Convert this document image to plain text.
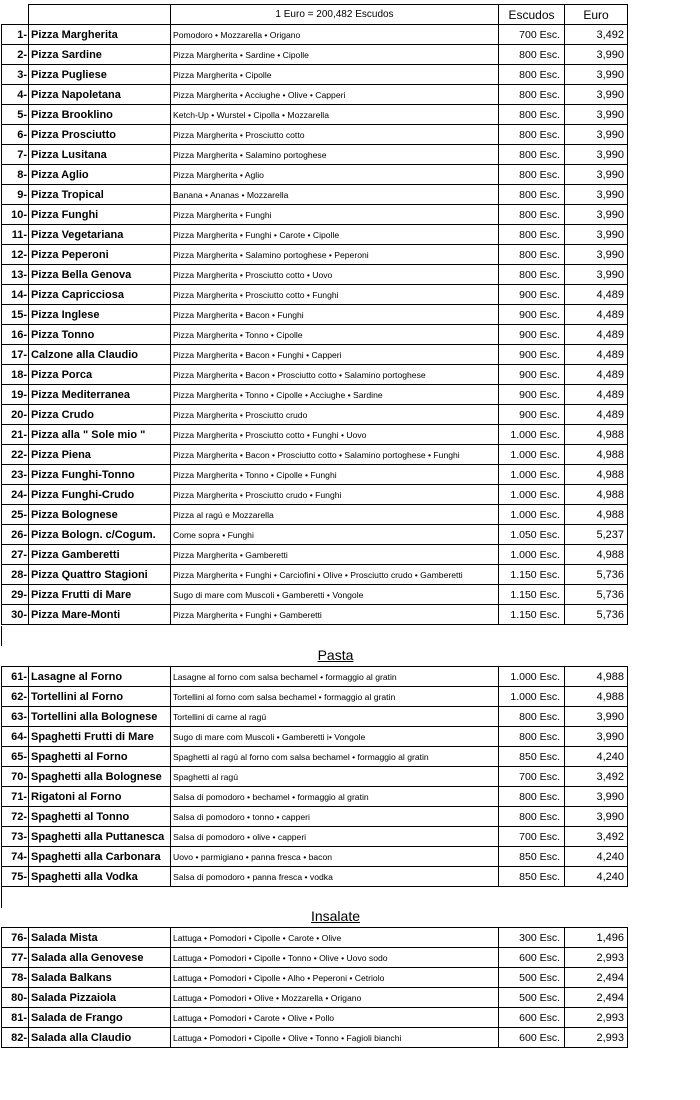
		1 Euro = 200,482 Escudos	Escudos	Euro
1-	Pizza Margherita	Pomodoro • Mozzarella • Origano	700 Esc.	3,492
2-	Pizza Sardine	Pizza Margherita • Sardine • Cipolle	800 Esc.	3,990
3-	Pizza Pugliese	Pizza Margherita • Cipolle	800 Esc.	3,990
4-	Pizza Napoletana	Pizza Margherita • Acciughe • Olive • Capperi	800 Esc.	3,990
5-	Pizza Brooklino	Ketch-Up • Wurstel • Cipolla • Mozzarella	800 Esc.	3,990
6-	Pizza Prosciutto	Pizza Margherita • Prosciutto cotto	800 Esc.	3,990
7-	Pizza Lusitana	Pizza Margherita • Salamino portoghese	800 Esc.	3,990
8-	Pizza Aglio	Pizza Margherita • Aglio	800 Esc.	3,990
9-	Pizza Tropical	Banana • Ananas • Mozzarella	800 Esc.	3,990
10-	Pizza Funghi	Pizza Margherita • Funghi	800 Esc.	3,990
11-	Pizza Vegetariana	Pizza Margherita • Funghi • Carote • Cipolle	800 Esc.	3,990
12-	Pizza Peperoni	Pizza Margherita • Salamino portoghese • Peperoni	800 Esc.	3,990
13-	Pizza Bella Genova	Pizza Margherita • Prosciutto cotto • Uovo	800 Esc.	3,990
14-	Pizza Capricciosa	Pizza Margherita • Prosciutto cotto • Funghi	900 Esc.	4,489
15-	Pizza Inglese	Pizza Margherita • Bacon • Funghi	900 Esc.	4,489
16-	Pizza Tonno	Pizza Margherita • Tonno • Cipolle	900 Esc.	4,489
17-	Calzone alla Claudio	Pizza Margherita • Bacon • Funghi • Capperi	900 Esc.	4,489
18-	Pizza Porca	Pizza Margherita • Bacon • Prosciutto cotto • Salamino portoghese	900 Esc.	4,489
19-	Pizza Mediterranea	Pizza Margherita • Tonno • Cipolle • Acciughe • Sardine	900 Esc.	4,489
20-	Pizza Crudo	Pizza Margherita • Prosciutto crudo	900 Esc.	4,489
21-	Pizza alla " Sole mio "	Pizza Margherita • Prosciutto cotto • Funghi • Uovo	1.000 Esc.	4,988
22-	Pizza Piena	Pizza Margherita • Bacon • Prosciutto cotto • Salamino portoghese • Funghi	1.000 Esc.	4,988
23-	Pizza Funghi-Tonno	Pizza Margherita • Tonno • Cipolle • Funghi	1.000 Esc.	4,988
24-	Pizza Funghi-Crudo	Pizza Margherita • Prosciutto crudo • Funghi	1.000 Esc.	4,988
25-	Pizza Bolognese	Pizza al ragú e Mozzarella	1.000 Esc.	4,988
26-	Pizza Bologn. c/Cogum.	Come sopra • Funghi	1.050 Esc.	5,237
27-	Pizza Gamberetti	Pizza Margherita • Gamberetti	1.000 Esc.	4,988
28-	Pizza Quattro Stagioni	Pizza Margherita • Funghi • Carciofini • Olive • Prosciutto crudo • Gamberetti	1.150 Esc.	5,736
29-	Pizza Frutti di Mare	Sugo di mare com Muscoli • Gamberetti • Vongole	1.150 Esc.	5,736
30-	Pizza Mare-Monti	Pizza Margherita • Funghi • Gamberetti	1.150 Esc.	5,736
Pasta
61-	Lasagne al Forno	Lasagne al forno com salsa bechamel • formaggio al gratin	1.000 Esc.	4,988
62-	Tortellini al Forno	Tortellini al forno com salsa bechamel • formaggio al gratin	1.000 Esc.	4,988
63-	Tortellini alla Bolognese	Tortellini di carne al ragú	800 Esc.	3,990
64-	Spaghetti Frutti di Mare	Sugo di mare com Muscoli • Gamberetti i• Vongole	800 Esc.	3,990
65-	Spaghetti al Forno	Spaghetti al ragú al forno com salsa bechamel • formaggio al gratin	850 Esc.	4,240
70-	Spaghetti alla Bolognese	Spaghetti al ragú	700 Esc.	3,492
71-	Rigatoni al Forno	Salsa di pomodoro • bechamel • formaggio al gratin	800 Esc.	3,990
72-	Spaghetti al Tonno	Salsa di pomodoro • tonno • capperi	800 Esc.	3,990
73-	Spaghetti alla Puttanesca	Salsa di pomodoro • olive • capperi	700 Esc.	3,492
74-	Spaghetti alla Carbonara	Uovo • parmigiano • panna fresca • bacon	850 Esc.	4,240
75-	Spaghetti alla Vodka	Salsa di pomodoro • panna fresca • vodka	850 Esc.	4,240
Insalate
76-	Salada Mista	Lattuga • Pomodori • Cipolle • Carote • Olive	300 Esc.	1,496
77-	Salada alla Genovese	Lattuga • Pomodori • Cipolle • Tonno • Olive • Uovo sodo	600 Esc.	2,993
78-	Salada Balkans	Lattuga • Pomodori • Cipolle • Alho • Peperoni • Cetriolo	500 Esc.	2,494
80-	Salada Pizzaiola	Lattuga • Pomodori • Olive • Mozzarella • Origano	500 Esc.	2,494
81-	Salada de Frango	Lattuga • Pomodori • Carote • Olive • Pollo	600 Esc.	2,993
82-	Salada alla Claudio	Lattuga • Pomodori • Cipolle • Olive • Tonno • Fagioli bianchi	600 Esc.	2,993
